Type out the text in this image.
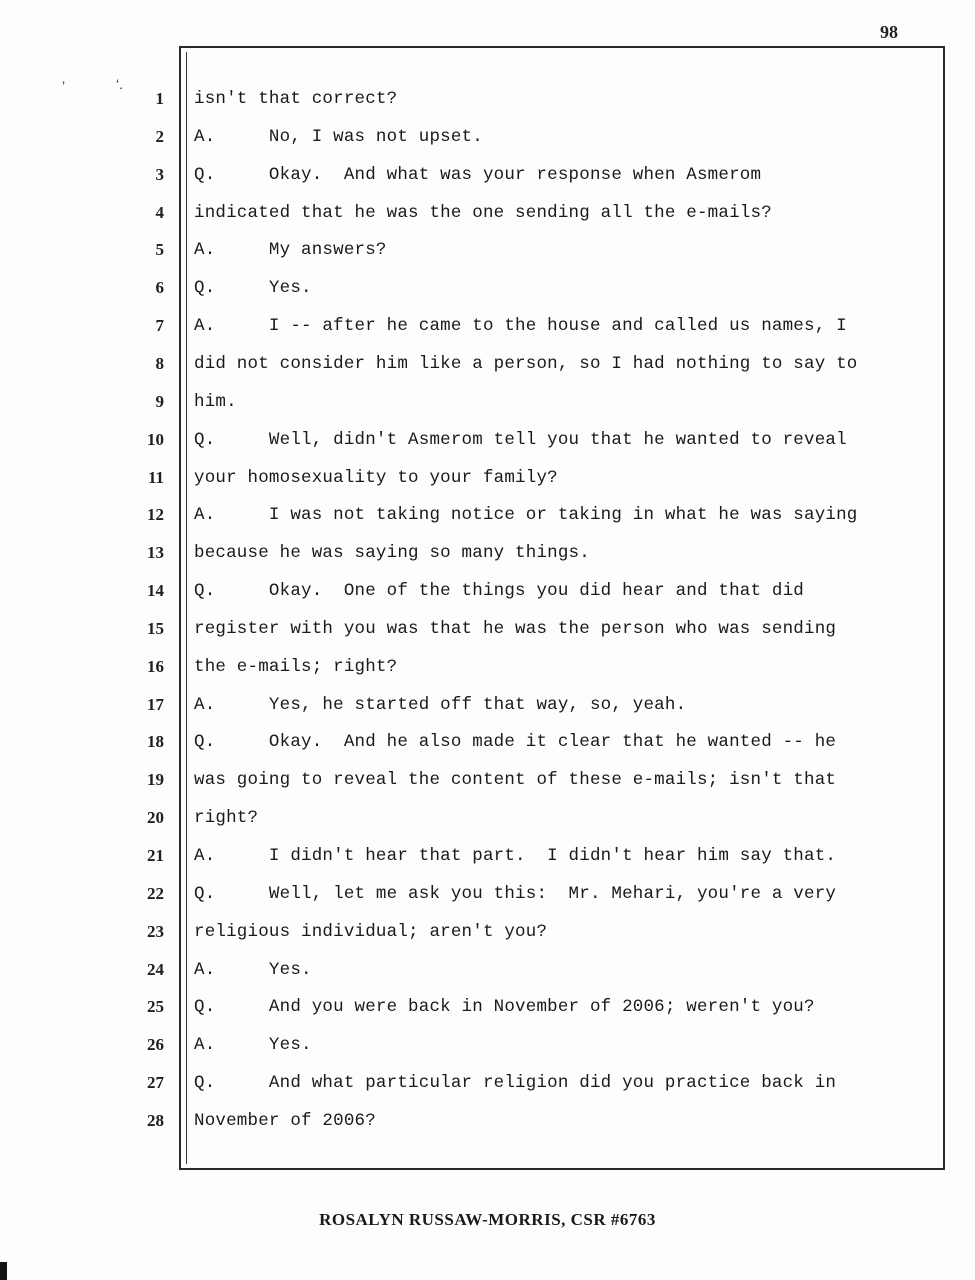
98
1 isn't that correct?
2 A.     No, I was not upset.
3 Q.     Okay.  And what was your response when Asmerom
4 indicated that he was the one sending all the e-mails?
5 A.     My answers?
6 Q.     Yes.
7 A.     I -- after he came to the house and called us names, I
8 did not consider him like a person, so I had nothing to say to
9 him.
10 Q.     Well, didn't Asmerom tell you that he wanted to reveal
11 your homosexuality to your family?
12 A.     I was not taking notice or taking in what he was saying
13 because he was saying so many things.
14 Q.     Okay.  One of the things you did hear and that did
15 register with you was that he was the person who was sending
16 the e-mails; right?
17 A.     Yes, he started off that way, so, yeah.
18 Q.     Okay.  And he also made it clear that he wanted -- he
19 was going to reveal the content of these e-mails; isn't that
20 right?
21 A.     I didn't hear that part.  I didn't hear him say that.
22 Q.     Well, let me ask you this:  Mr. Mehari, you're a very
23 religious individual; aren't you?
24 A.     Yes.
25 Q.     And you were back in November of 2006; weren't you?
26 A.     Yes.
27 Q.     And what particular religion did you practice back in
28 November of 2006?
ROSALYN RUSSAW-MORRIS, CSR #6763
’	‘.
